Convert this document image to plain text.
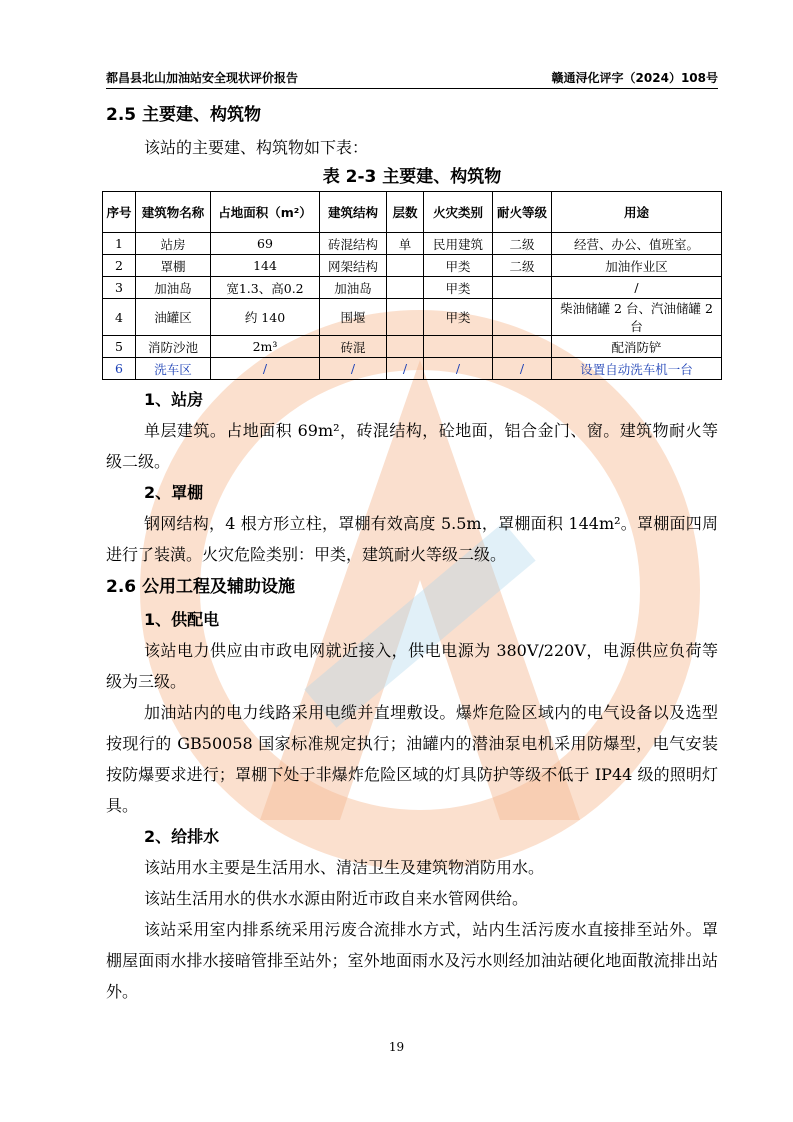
都昌县北山加油站安全现状评价报告	赣通浔化评字（2024）108号
2.5 主要建、构筑物

该站的主要建、构筑物如下表：

表 2-3 主要建、构筑物
序号	建筑物名称	占地面积（m²）	建筑结构	层数	火灾类别	耐火等级	用途
1	站房	69	砖混结构	单	民用建筑	二级	经营、办公、值班室。
2	罩棚	144	网架结构		甲类	二级	加油作业区
3	加油岛	宽1.3、高0.2	加油岛		甲类		/
4	油罐区	约 140	围堰		甲类		柴油储罐 2 台、汽油储罐 2 台
5	消防沙池	2m³	砖混				配消防铲
6	洗车区	/	/	/	/	/	设置自动洗车机一台
1、站房

单层建筑。占地面积 69m²，砖混结构，砼地面，铝合金门、窗。建筑物耐火等级二级。

2、罩棚

钢网结构，4 根方形立柱，罩棚有效高度 5.5m，罩棚面积 144m²。罩棚面四周进行了装潢。火灾危险类别：甲类，建筑耐火等级二级。

2.6 公用工程及辅助设施
1、供配电

该站电力供应由市政电网就近接入，供电电源为 380V/220V，电源供应负荷等级为三级。

加油站内的电力线路采用电缆并直埋敷设。爆炸危险区域内的电气设备以及选型按现行的 GB50058 国家标准规定执行；油罐内的潜油泵电机采用防爆型，电气安装按防爆要求进行；罩棚下处于非爆炸危险区域的灯具防护等级不低于 IP44 级的照明灯具。

2、给排水

该站用水主要是生活用水、清洁卫生及建筑物消防用水。

该站生活用水的供水水源由附近市政自来水管网供给。

该站采用室内排系统采用污废合流排水方式，站内生活污废水直接排至站外。罩棚屋面雨水排水接暗管排至站外；室外地面雨水及污水则经加油站硬化地面散流排出站外。

19
